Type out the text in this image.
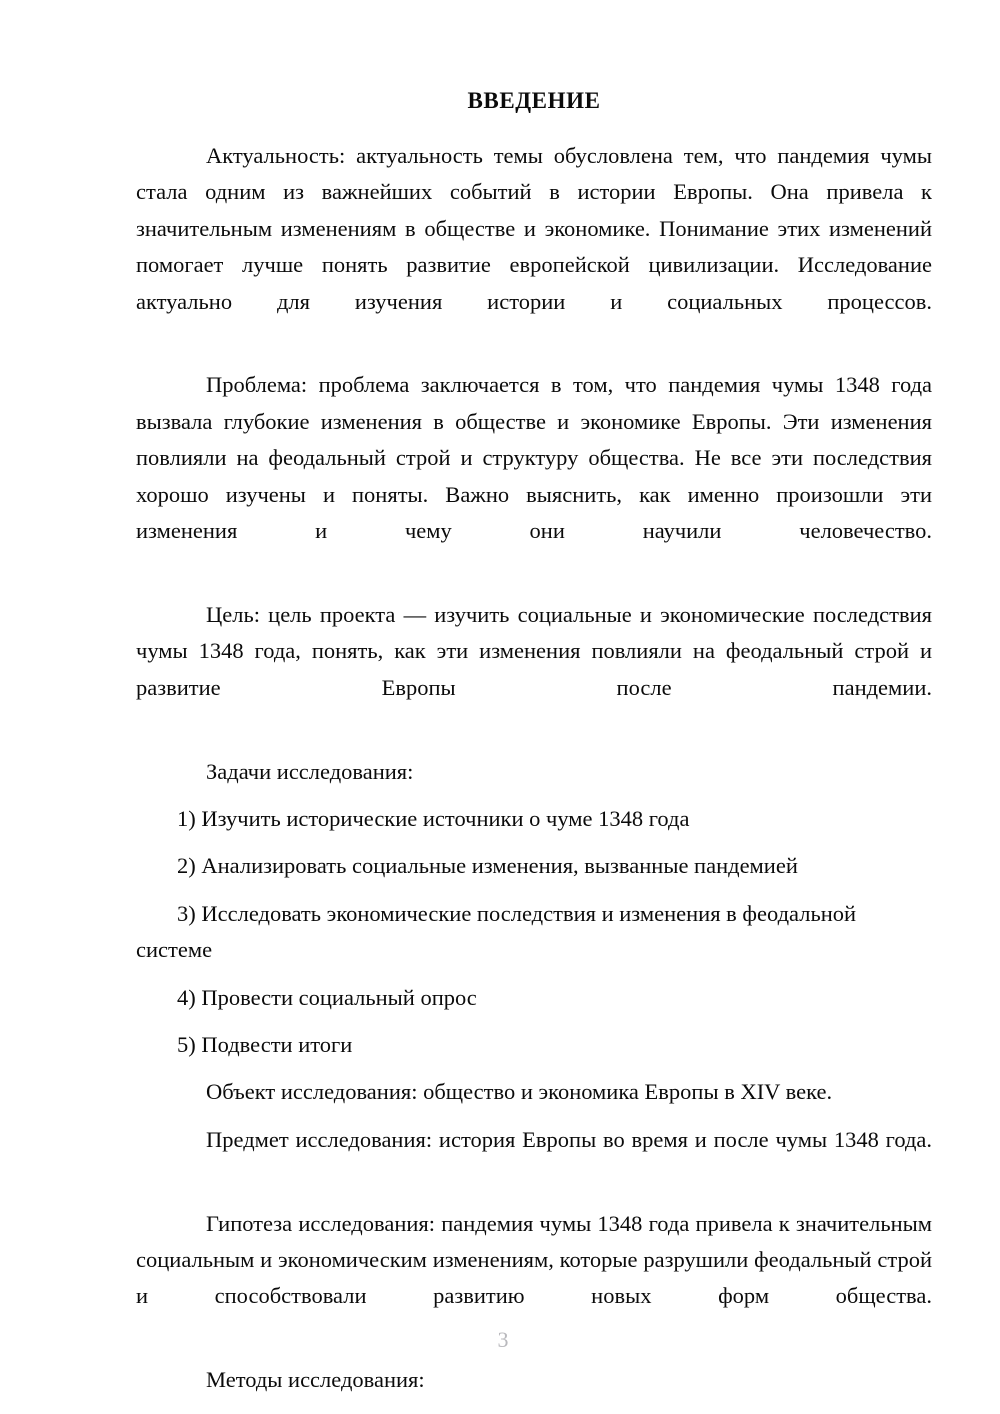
ВВЕДЕНИЕ

Актуальность: актуальность темы обусловлена тем, что пандемия чумы стала одним из важнейших событий в истории Европы. Она привела к значительным изменениям в обществе и экономике. Понимание этих изменений помогает лучше понять развитие европейской цивилизации. Исследование актуально для изучения истории и социальных процессов.

Проблема: проблема заключается в том, что пандемия чумы 1348 года вызвала глубокие изменения в обществе и экономике Европы. Эти изменения повлияли на феодальный строй и структуру общества. Не все эти последствия хорошо изучены и поняты. Важно выяснить, как именно произошли эти изменения и чему они научили человечество.

Цель: цель проекта — изучить социальные и экономические последствия чумы 1348 года, понять, как эти изменения повлияли на феодальный строй и развитие Европы после пандемии.

Задачи исследования:

1) Изучить исторические источники о чуме 1348 года

2) Анализировать социальные изменения, вызванные пандемией

3) Исследовать экономические последствия и изменения в феодальной системе

4) Провести социальный опрос

5) Подвести итоги

Объект исследования: общество и экономика Европы в XIV веке.

Предмет исследования: история Европы во время и после чумы 1348 года.

Гипотеза исследования: пандемия чумы 1348 года привела к значительным социальным и экономическим изменениям, которые разрушили феодальный строй и способствовали развитию новых форм общества.

Методы исследования:

3
